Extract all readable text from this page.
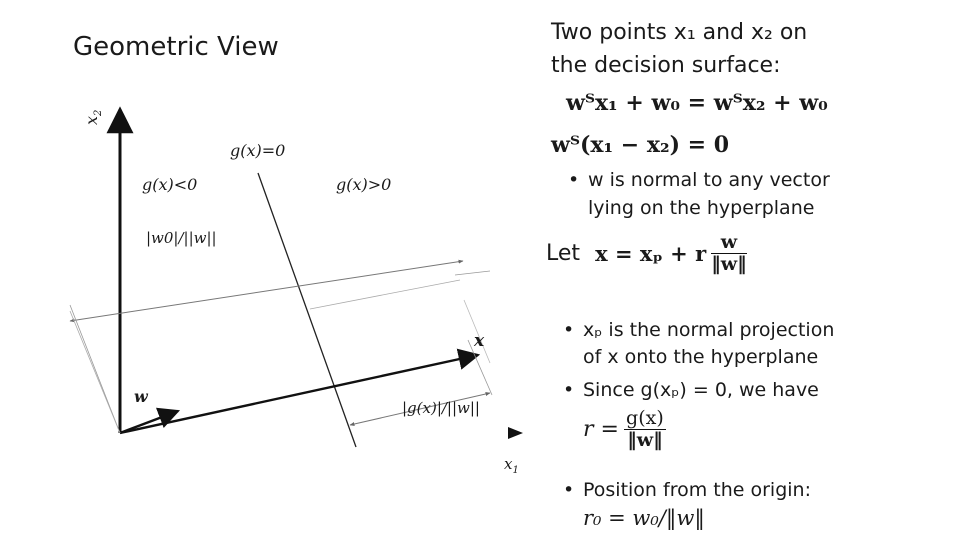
Geometric View
$x_2$
$x_1$
g(x)=0
g(x)<0	g(x)>0
|w0|/||w||
x
w
|g(x)|/||w||
Two points x₁ and x₂ on
the decision surface:
wᵀx₁ + w₀ = wᵀx₂ + w₀
wᵀ(x₁ − x₂) = 0
• w is normal to any vector
lying on the hyperplane
Let x = xₚ + r $\frac{w}{‖w‖}$
• xₚ is the normal projection
of x onto the hyperplane
• Since g(xₚ) = 0, we have
$r = \frac{g(x)}{‖w‖}$
• Position from the origin:
r₀ = w₀/‖w‖
